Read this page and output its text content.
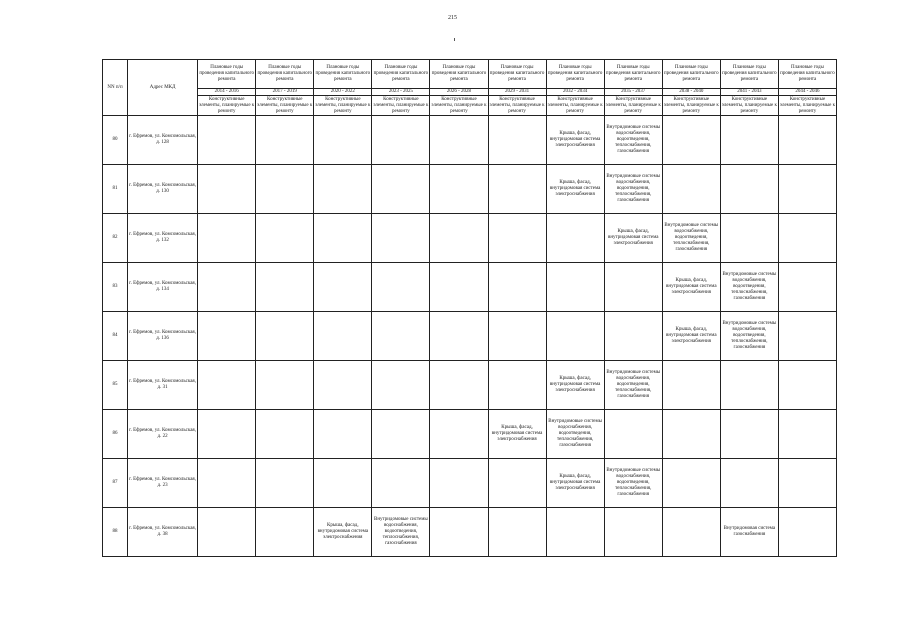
215
NN п/п	Адрес МКД	Плановые годы проведения капитального ремонта	Плановые годы проведения капитального ремонта	Плановые годы проведения капитального ремонта	Плановые годы проведения капитального ремонта	Плановые годы проведения капитального ремонта	Плановые годы проведения капитального ремонта	Плановые годы проведения капитального ремонта	Плановые годы проведения капитального ремонта	Плановые годы проведения капитального ремонта	Плановые годы проведения капитального ремонта	Плановые годы проведения капитального ремонта
		2014 - 2016	2017 - 2019	2020 - 2022	2023 - 2025	2026 - 2028	2029 - 2031	2032 - 2034	2035 - 2037	2038 - 2040	2041 - 2043	2044 - 2046
		Конструктивные элементы, планируемые к ремонту	Конструктивные элементы, планируемые к ремонту	Конструктивные элементы, планируемые к ремонту	Конструктивные элементы, планируемые к ремонту	Конструктивные элементы, планируемые к ремонту	Конструктивные элементы, планируемые к ремонту	Конструктивные элементы, планируемые к ремонту	Конструктивные элементы, планируемые к ремонту	Конструктивные элементы, планируемые к ремонту	Конструктивные элементы, планируемые к ремонту	Конструктивные элементы, планируемые к ремонту
80	г. Ефремов, ул. Комсомольская, д. 128							Крыша, фасад, внутридомовая система электроснабжения	Внутридомовые системы водоснабжения, водоотведения, теплоснабжения, газоснабжения			
81	г. Ефремов, ул. Комсомольская, д. 130							Крыша, фасад, внутридомовая система электроснабжения	Внутридомовые системы водоснабжения, водоотведения, теплоснабжения, газоснабжения			
82	г. Ефремов, ул. Комсомольская, д. 132								Крыша, фасад, внутридомовая система электроснабжения	Внутридомовые системы водоснабжения, водоотведения, теплоснабжения, газоснабжения		
83	г. Ефремов, ул. Комсомольская, д. 134									Крыша, фасад, внутридомовая система электроснабжения	Внутридомовые системы водоснабжения, водоотведения, теплоснабжения, газоснабжения	
84	г. Ефремов, ул. Комсомольская, д. 136									Крыша, фасад, внутридомовая система электроснабжения	Внутридомовые системы водоснабжения, водоотведения, теплоснабжения, газоснабжения	
85	г. Ефремов, ул. Комсомольская, д. 31							Крыша, фасад, внутридомовая система электроснабжения	Внутридомовые системы водоснабжения, водоотведения, теплоснабжения, газоснабжения			
86	г. Ефремов, ул. Комсомольская, д. 22						Крыша, фасад, внутридомовая система электроснабжения	Внутридомовые системы водоснабжения, водоотведения, теплоснабжения, газоснабжения				
87	г. Ефремов, ул. Комсомольская, д. 23							Крыша, фасад, внутридомовая система электроснабжения	Внутридомовые системы водоснабжения, водоотведения, теплоснабжения, газоснабжения			
88	г. Ефремов, ул. Комсомольская, д. 38			Крыша, фасад, внутридомовая система электроснабжения	Внутридомовые системы водоснабжения, водоотведения, теплоснабжения, газоснабжения						Внутридомовая система газоснабжения	
